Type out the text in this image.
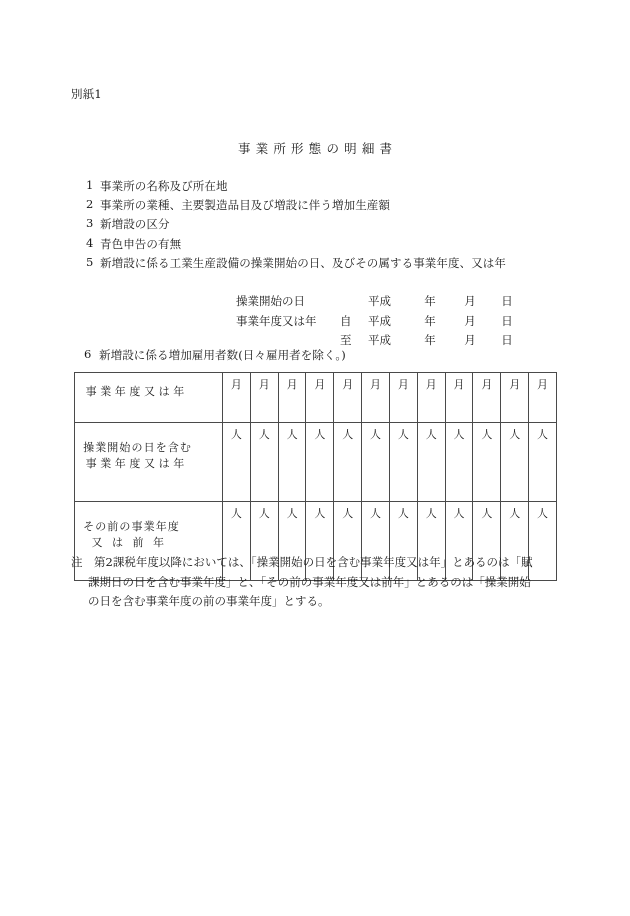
別紙1
事業所形態の明細書
1 事業所の名称及び所在地
2 事業所の業種、主要製造品目及び増設に伴う増加生産額
3 新増設の区分
4 青色申告の有無
5 新増設に係る工業生産設備の操業開始の日、及びその属する事業年度、又は年
操業開始の日	平成	年	月	日
事業年度又は年	自	平成	年	月	日
至	平成	年	月	日
6 新増設に係る増加雇用者数(日々雇用者を除く。)
事業年度又は年	月	月	月	月	月	月	月	月	月	月	月	月

操業開始の日を含む
事業年度又は年	人	人	人	人	人	人	人	人	人	人	人	人

その前の事業年度
又は前年	人	人	人	人	人	人	人	人	人	人	人	人
注　第2課税年度以降においては、「操業開始の日を含む事業年度又は年」とあるのは「賦
課期日の日を含む事業年度」と、「その前の事業年度又は前年」とあるのは「操業開始
の日を含む事業年度の前の事業年度」とする。
